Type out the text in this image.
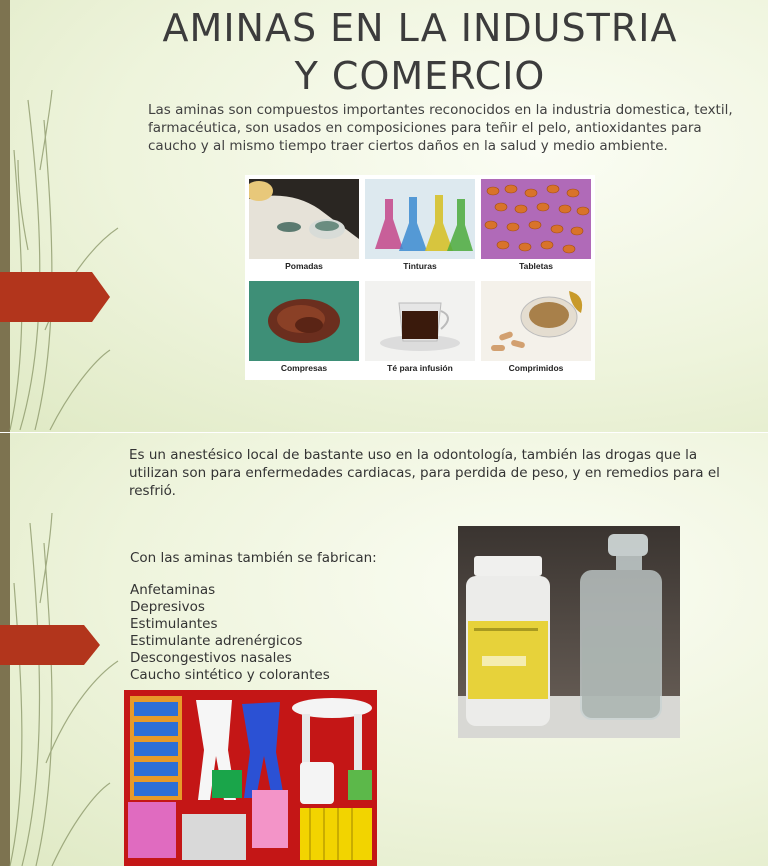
AMINAS EN LA INDUSTRIA
Y COMERCIO

Las aminas son compuestos importantes reconocidos en la industria domestica, textil, farmacéutica, son usados en composiciones para teñir el pelo, antioxidantes para caucho y al mismo tiempo traer ciertos daños en la salud y medio ambiente.

Pomadas	Tinturas	Tabletas
Compresas	Té para infusión	Comprimidos

Es un anestésico local de bastante uso en la odontología, también las drogas que la utilizan son para enfermedades cardiacas, para perdida de peso, y en remedios para el resfrió.

Con las aminas también se fabrican:
Anfetaminas
Depresivos
Estimulantes
Estimulante adrenérgicos
Descongestivos nasales
Caucho sintético y colorantes
